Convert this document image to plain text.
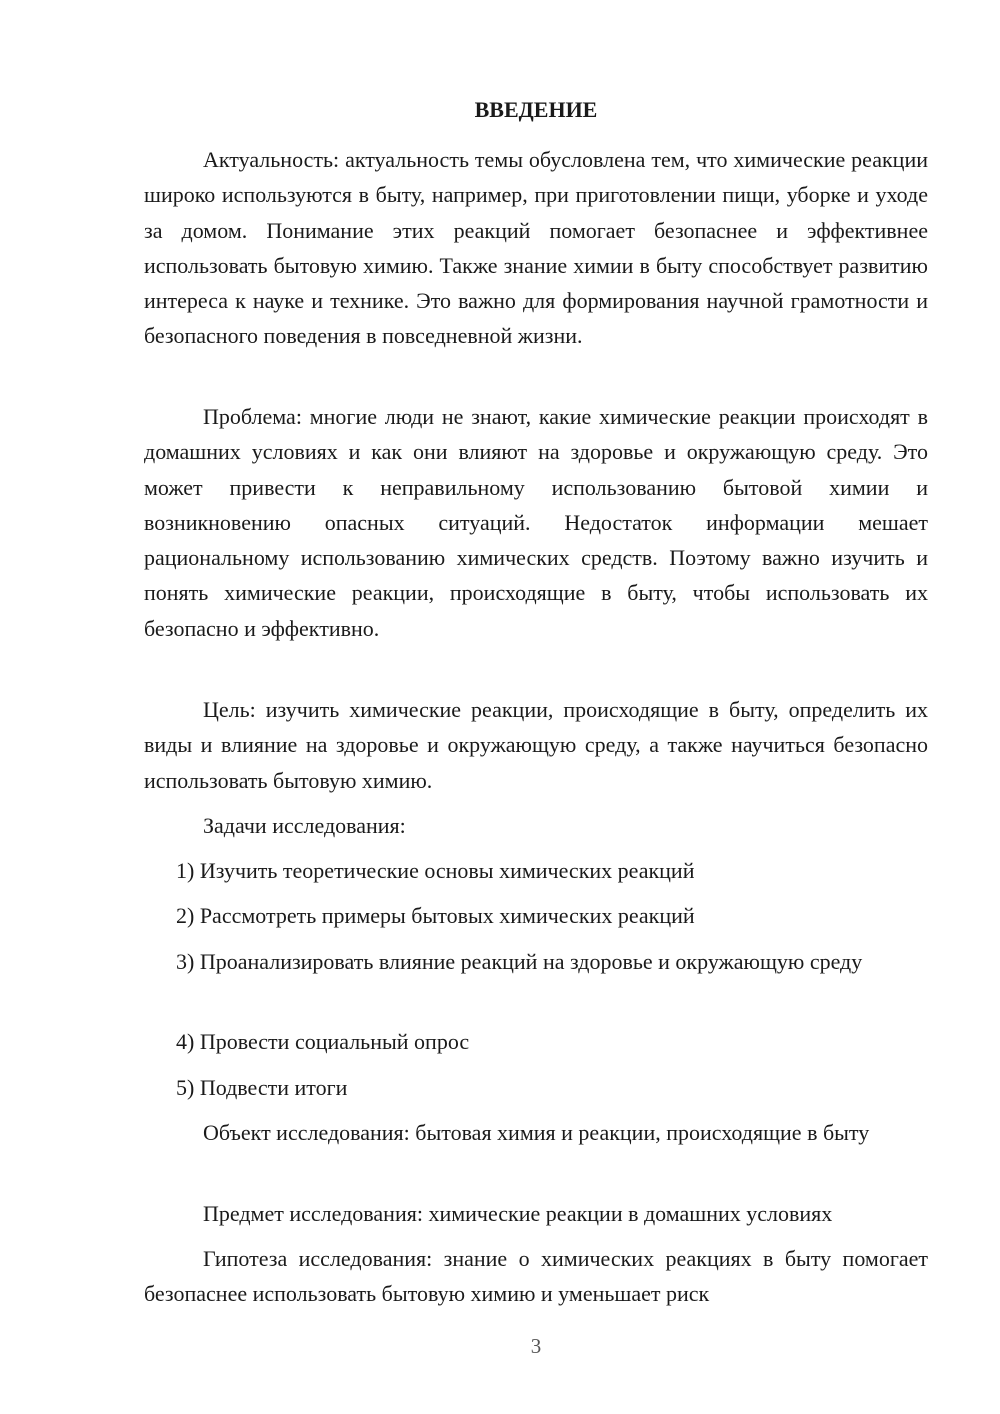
ВВЕДЕНИЕ

Актуальность: актуальность темы обусловлена тем, что химические реакции широко используются в быту, например, при приготовлении пищи, уборке и уходе за домом. Понимание этих реакций помогает безопаснее и эффективнее использовать бытовую химию. Также знание химии в быту способствует развитию интереса к науке и технике. Это важно для формирования научной грамотности и безопасного поведения в повседневной жизни.

Проблема: многие люди не знают, какие химические реакции происходят в домашних условиях и как они влияют на здоровье и окружающую среду. Это может привести к неправильному использованию бытовой химии и возникновению опасных ситуаций. Недостаток информации мешает рациональному использованию химических средств. Поэтому важно изучить и понять химические реакции, происходящие в быту, чтобы использовать их безопасно и эффективно.

Цель: изучить химические реакции, происходящие в быту, определить их виды и влияние на здоровье и окружающую среду, а также научиться безопасно использовать бытовую химию.

Задачи исследования:

1) Изучить теоретические основы химических реакций

2) Рассмотреть примеры бытовых химических реакций

3) Проанализировать влияние реакций на здоровье и окружающую среду

4) Провести социальный опрос

5) Подвести итоги

Объект исследования: бытовая химия и реакции, происходящие в быту

Предмет исследования: химические реакции в домашних условиях

Гипотеза исследования: знание о химических реакциях в быту помогает безопаснее использовать бытовую химию и уменьшает риск

3
